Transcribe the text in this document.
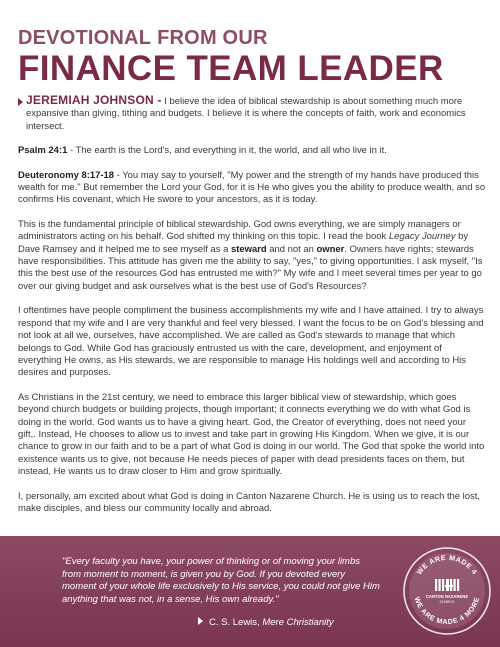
DEVOTIONAL FROM OUR
FINANCE TEAM LEADER

JEREMIAH JOHNSON - I believe the idea of biblical stewardship is about something much more expansive than giving, tithing and budgets. I believe it is where the concepts of faith, work and economics intersect.

Psalm 24:1 - The earth is the Lord's, and everything in it, the world, and all who live in it.

Deuteronomy 8:17-18 - You may say to yourself, "My power and the strength of my hands have produced this wealth for me." But remember the Lord your God, for it is He who gives you the ability to produce wealth, and so confirms His covenant, which He swore to your ancestors, as it is today.

This is the fundamental principle of biblical stewardship. God owns everything, we are simply managers or administrators acting on his behalf. God shifted my thinking on this topic. I read the book Legacy Journey by Dave Ramsey and it helped me to see myself as a steward and not an owner. Owners have rights; stewards have responsibilities. This attitude has given me the ability to say, "yes," to giving opportunities. I ask myself, "Is this the best use of the resources God has entrusted me with?" My wife and I meet several times per year to go over our giving budget and ask ourselves what is the best use of God's Resources?

I oftentimes have people compliment the business accomplishments my wife and I have attained. I try to always respond that my wife and I are very thankful and feel very blessed. I want the focus to be on God's blessing and not look at all we, ourselves, have accomplished. We are called as God's stewards to manage that which belongs to God. While God has graciously entrusted us with the care, development, and enjoyment of everything He owns, as His stewards, we are responsible to manage His holdings well and according to His desires and purposes.

As Christians in the 21st century, we need to embrace this larger biblical view of stewardship, which goes beyond church budgets or building projects, though important; it connects everything we do with what God is doing in the world. God wants us to have a giving heart. God, the Creator of everything, does not need your gift,. Instead, He chooses to allow us to invest and take part in growing His Kingdom. When we give, it is our chance to grow in our faith and to be a part of what God is doing in our world. The God that spoke the world into existence wants us to give, not because He needs pieces of paper with dead presidents faces on them, but instead, He wants us to draw closer to Him and grow spiritually.

I, personally, am excited about what God is doing in Canton Nazarene Church. He is using us to reach the lost, make disciples, and bless our community locally and abroad.

"Every faculty you have, your power of thinking or of moving your limbs from moment to moment, is given you by God. If you devoted every moment of your whole life exclusively to His service, you could not give Him anything that was not, in a sense, His own already."
C. S. Lewis, Mere Christianity
WE ARE MADE 4
WE ARE MADE 4 MORE
CANTON NAZARENE
CHURCH
